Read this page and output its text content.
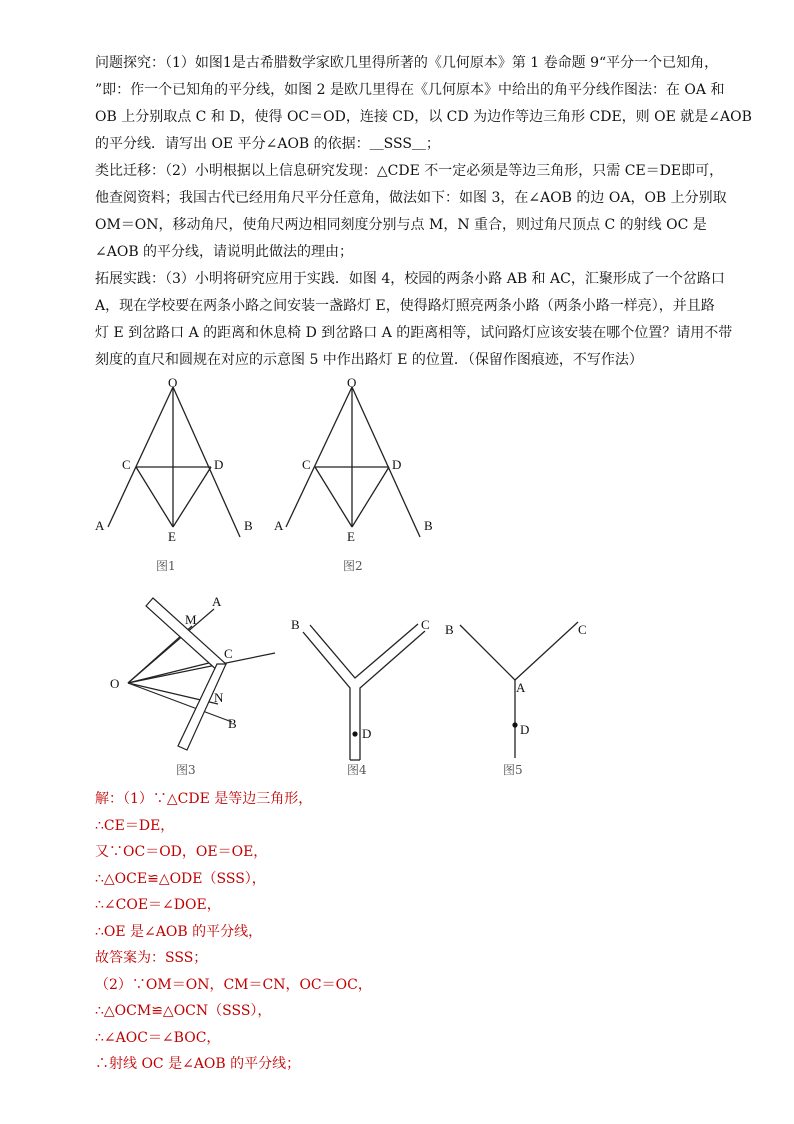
问题探究：（1）如图1是古希腊数学家欧几里得所著的《几何原本》第 1 卷命题 9“平分一个已知角，
”即：作一个已知角的平分线，如图 2 是欧几里得在《几何原本》中给出的角平分线作图法：在 OA 和
OB 上分别取点 C 和 D，使得 OC＝OD，连接 CD，以 CD 为边作等边三角形 CDE，则 OE 就是∠AOB
的平分线．请写出 OE 平分∠AOB 的依据：＿SSS＿；
类比迁移：（2）小明根据以上信息研究发现：△CDE 不一定必须是等边三角形，只需 CE＝DE即可，
他查阅资料；我国古代已经用角尺平分任意角，做法如下：如图 3，在∠AOB 的边 OA，OB 上分别取
OM＝ON，移动角尺，使角尺两边相同刻度分别与点 M，N 重合，则过角尺顶点 C 的射线 OC 是
∠AOB 的平分线，请说明此做法的理由；
拓展实践：（3）小明将研究应用于实践．如图 4，校园的两条小路 AB 和 AC，汇聚形成了一个岔路口
A，现在学校要在两条小路之间安装一盏路灯 E，使得路灯照亮两条小路（两条小路一样亮），并且路
灯 E 到岔路口 A 的距离和休息椅 D 到岔路口 A 的距离相等，试问路灯应该安装在哪个位置？请用不带
刻度的直尺和圆规在对应的示意图 5 中作出路灯 E 的位置．（保留作图痕迹，不写作法）
O
C	D
A
E
B
图1
O
C	D
A
E
B
图2
A
M
C
O
N
B
图3
B	C
D
图4
B	C
A
D
图5
解：（1）∵△CDE 是等边三角形，
∴CE＝DE，
又∵OC＝OD，OE＝OE，
∴△OCE≌△ODE（SSS），
∴∠COE＝∠DOE，
∴OE 是∠AOB 的平分线，
故答案为：SSS；
（2）∵OM＝ON，CM＝CN，OC＝OC，
∴△OCM≌△OCN（SSS），
∴∠AOC＝∠BOC，
∴射线 OC 是∠AOB 的平分线；
